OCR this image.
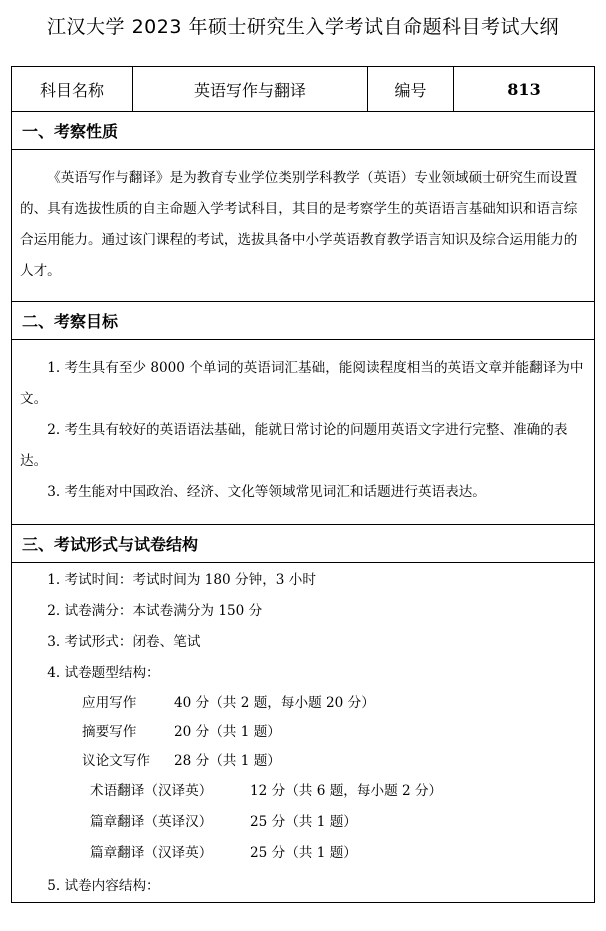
江汉大学 2023 年硕士研究生入学考试自命题科目考试大纲
科目名称	英语写作与翻译	编号	813
一、考察性质

《英语写作与翻译》是为教育专业学位类别学科教学（英语）专业领域硕士研究生而设置的、具有选拔性质的自主命题入学考试科目，其目的是考察学生的英语语言基础知识和语言综合运用能力。通过该门课程的考试，选拔具备中小学英语教育教学语言知识及综合运用能力的人才。

二、考察目标

1. 考生具有至少 8000 个单词的英语词汇基础，能阅读程度相当的英语文章并能翻译为中文。

2. 考生具有较好的英语语法基础，能就日常讨论的问题用英语文字进行完整、准确的表达。

3. 考生能对中国政治、经济、文化等领域常见词汇和话题进行英语表达。

三、考试形式与试卷结构

1. 考试时间：考试时间为 180 分钟，3 小时

2. 试卷满分：本试卷满分为 150 分

3. 考试形式：闭卷、笔试

4. 试卷题型结构：

应用写作	40 分（共 2 题，每小题 20 分）
摘要写作	20 分（共 1 题）
议论文写作 28 分（共 1 题）
术语翻译（汉译英）	12 分（共 6 题，每小题 2 分）
篇章翻译（英译汉）	25 分（共 1 题）
篇章翻译（汉译英）	25 分（共 1 题）

5. 试卷内容结构：
